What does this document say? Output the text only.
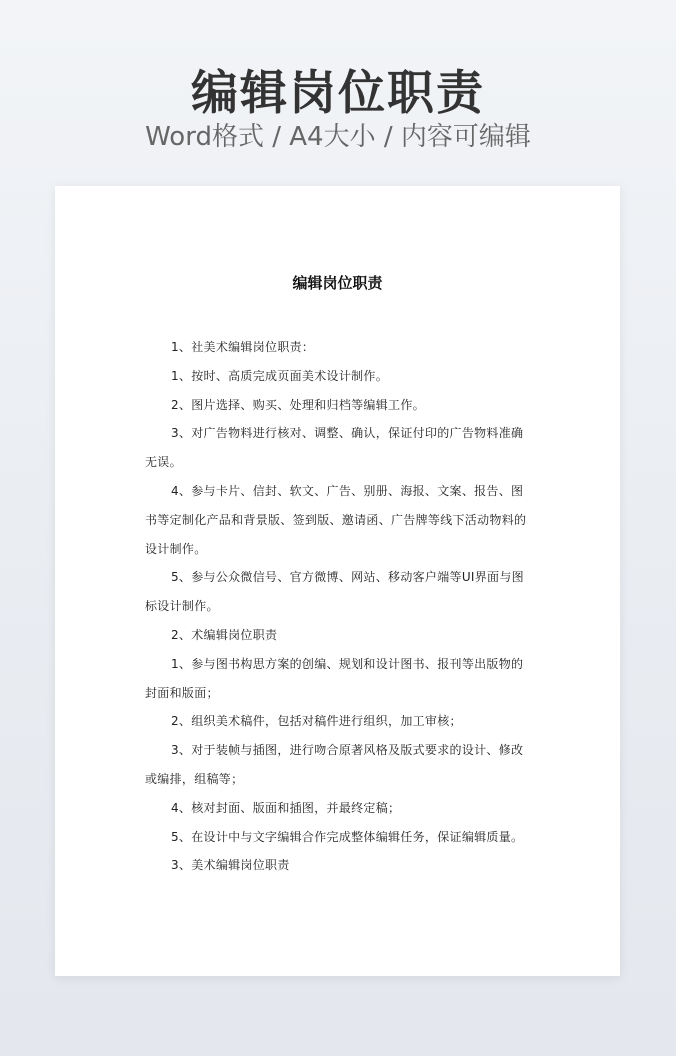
编辑岗位职责
Word格式 / A4大小 / 内容可编辑
编辑岗位职责

1、社美术编辑岗位职责：

1、按时、高质完成页面美术设计制作。

2、图片选择、购买、处理和归档等编辑工作。

3、对广告物料进行核对、调整、确认，保证付印的广告物料准确无误。

4、参与卡片、信封、软文、广告、别册、海报、文案、报告、图书等定制化产品和背景版、签到版、邀请函、广告牌等线下活动物料的设计制作。

5、参与公众微信号、官方微博、网站、移动客户端等UI界面与图标设计制作。

2、术编辑岗位职责

1、参与图书构思方案的创编、规划和设计图书、报刊等出版物的封面和版面；

2、组织美术稿件，包括对稿件进行组织，加工审核；

3、对于装帧与插图，进行吻合原著风格及版式要求的设计、修改或编排，组稿等；

4、核对封面、版面和插图，并最终定稿；

5、在设计中与文字编辑合作完成整体编辑任务，保证编辑质量。

3、美术编辑岗位职责
